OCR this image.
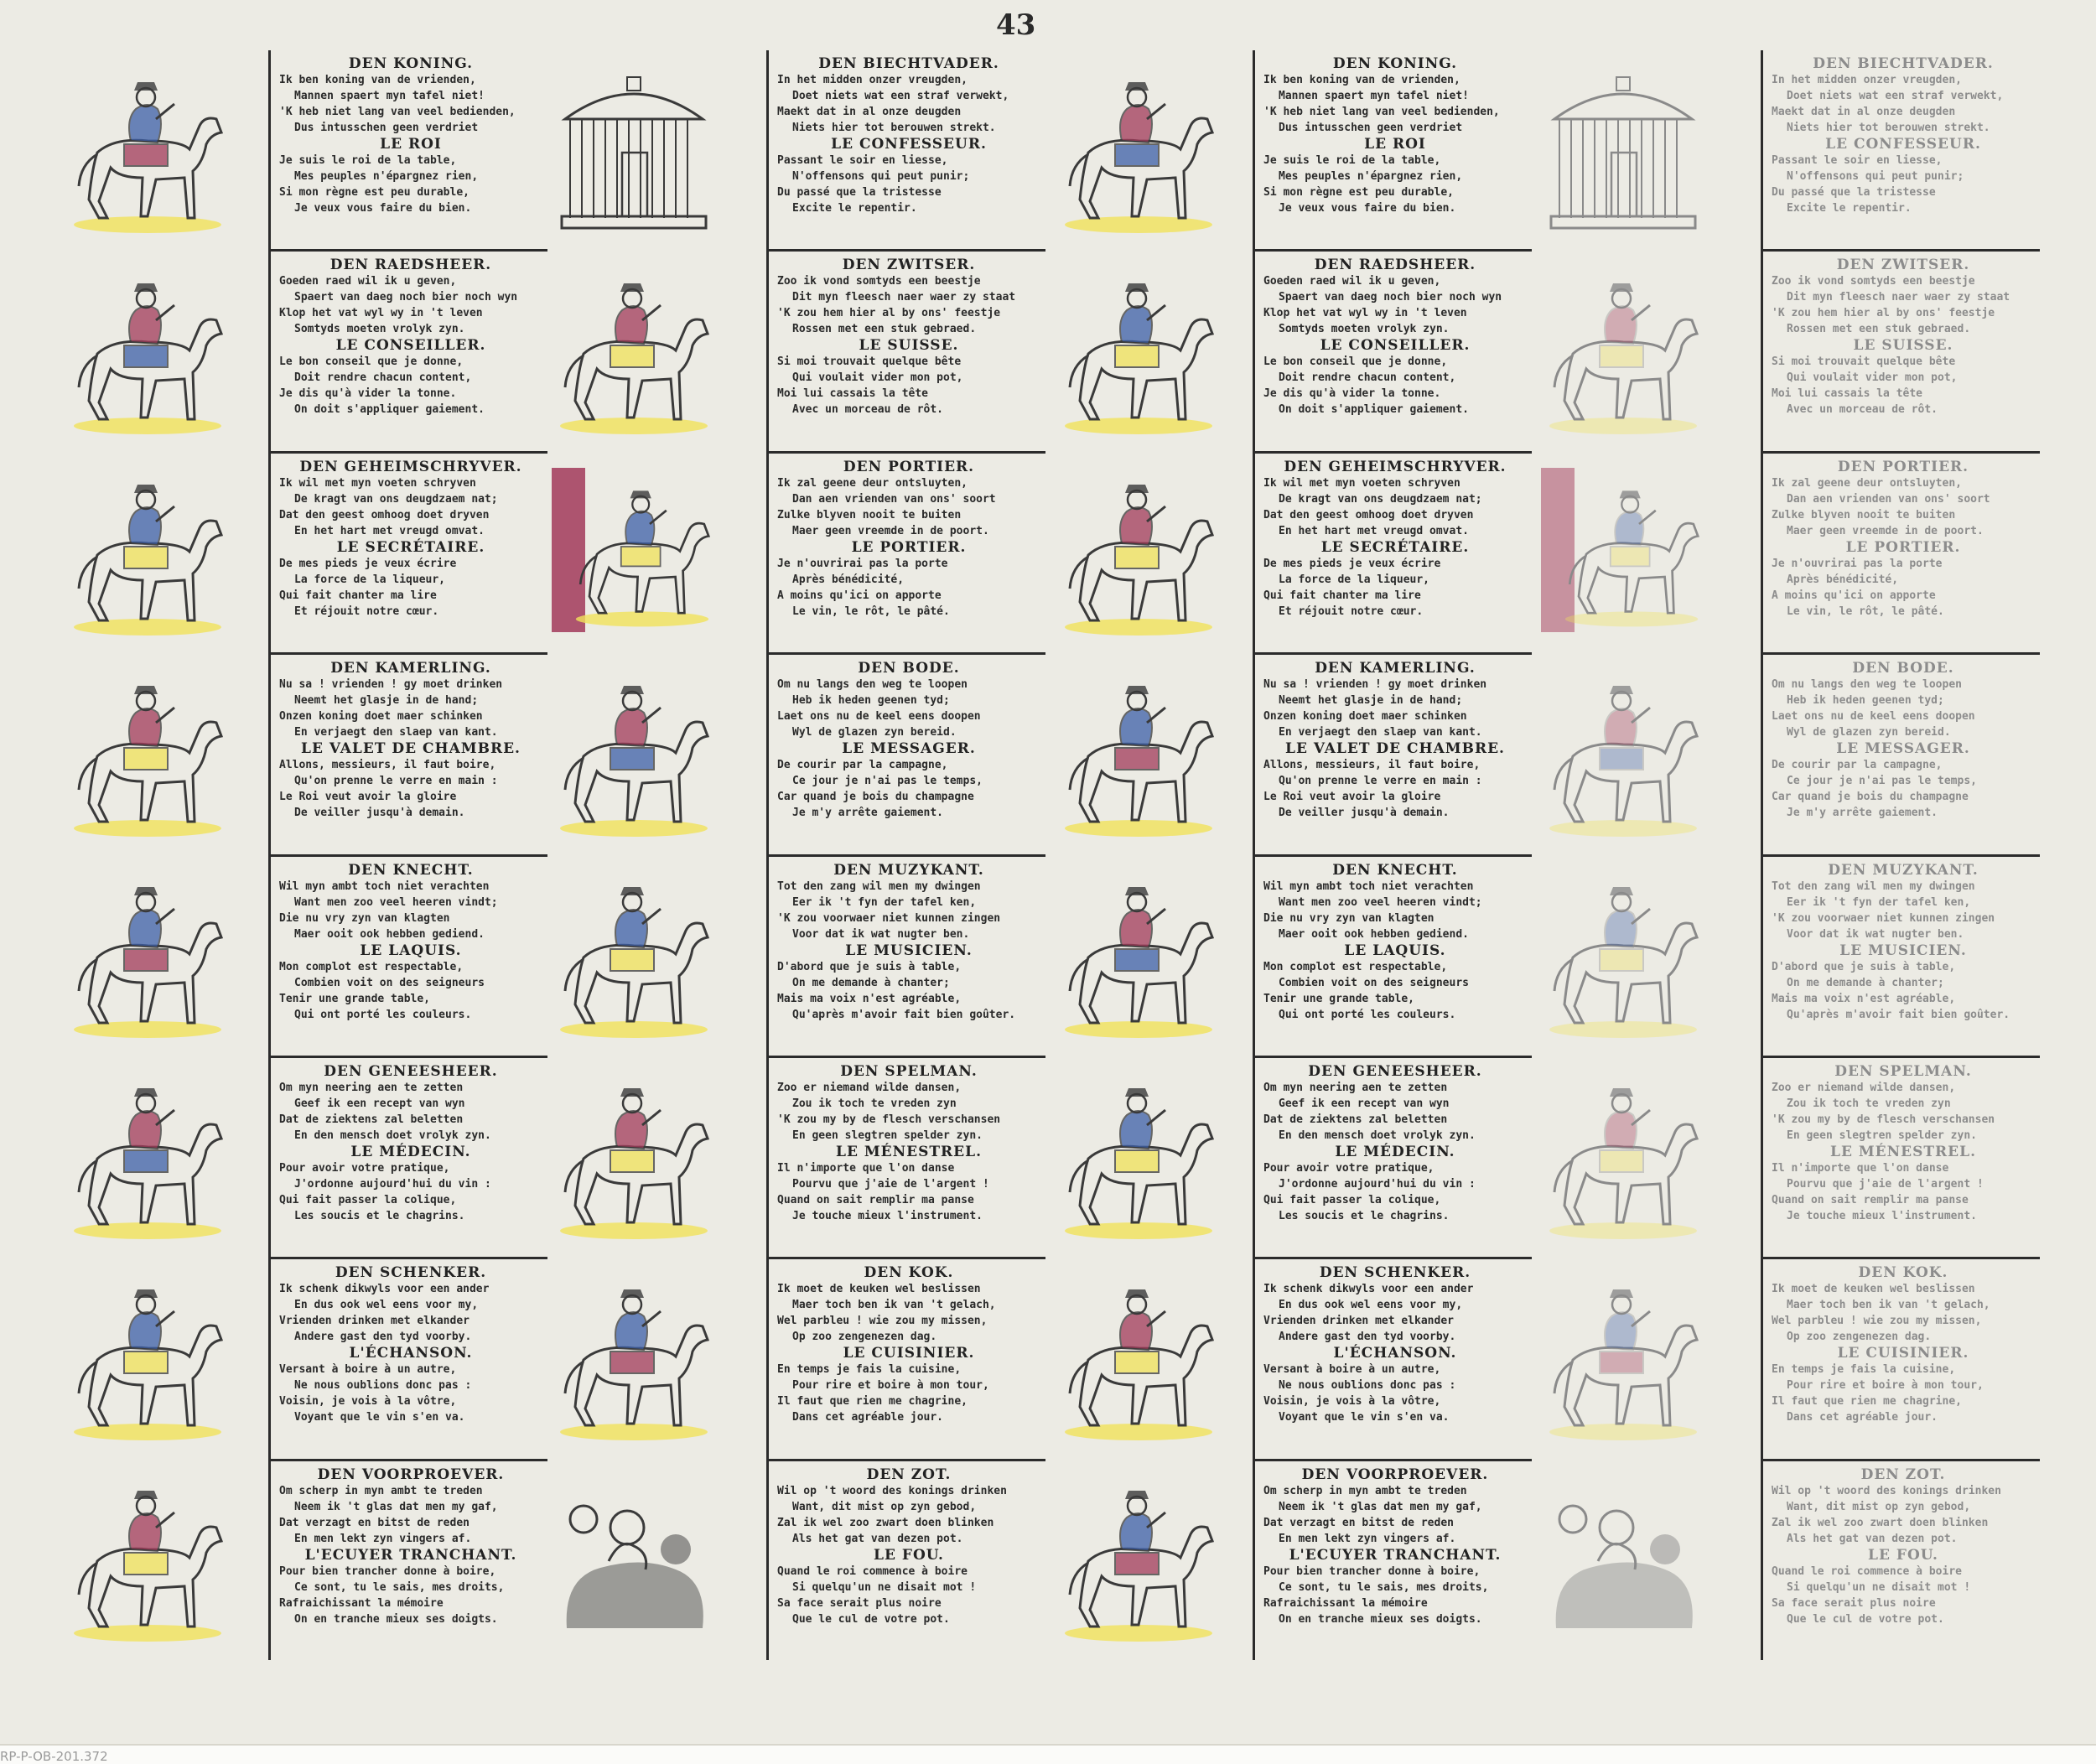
43
RP-P-OB-201.372
DEN KONING.
Ik ben koning van de vrienden,
Mannen spaert myn tafel niet!
'K heb niet lang van veel bedienden,
Dus intusschen geen verdriet
LE ROI
Je suis le roi de la table,
Mes peuples n'épargnez rien,
Si mon règne est peu durable,
Je veux vous faire du bien.
DEN RAEDSHEER.
Goeden raed wil ik u geven,
Spaert van daeg noch bier noch wyn
Klop het vat wyl wy in 't leven
Somtyds moeten vrolyk zyn.
LE CONSEILLER.
Le bon conseil que je donne,
Doit rendre chacun content,
Je dis qu'à vider la tonne.
On doit s'appliquer gaiement.
DEN GEHEIMSCHRYVER.
Ik wil met myn voeten schryven
De kragt van ons deugdzaem nat;
Dat den geest omhoog doet dryven
En het hart met vreugd omvat.
LE SECRÉTAIRE.
De mes pieds je veux écrire
La force de la liqueur,
Qui fait chanter ma lire
Et réjouit notre cœur.
DEN KAMERLING.
Nu sa ! vrienden ! gy moet drinken
Neemt het glasje in de hand;
Onzen koning doet maer schinken
En verjaegt den slaep van kant.
LE VALET DE CHAMBRE.
Allons, messieurs, il faut boire,
Qu'on prenne le verre en main :
Le Roi veut avoir la gloire
De veiller jusqu'à demain.
DEN KNECHT.
Wil myn ambt toch niet verachten
Want men zoo veel heeren vindt;
Die nu vry zyn van klagten
Maer ooit ook hebben gediend.
LE LAQUIS.
Mon complot est respectable,
Combien voit on des seigneurs
Tenir une grande table,
Qui ont porté les couleurs.
DEN GENEESHEER.
Om myn neering aen te zetten
Geef ik een recept van wyn
Dat de ziektens zal beletten
En den mensch doet vrolyk zyn.
LE MÉDECIN.
Pour avoir votre pratique,
J'ordonne aujourd'hui du vin :
Qui fait passer la colique,
Les soucis et le chagrins.
DEN SCHENKER.
Ik schenk dikwyls voor een ander
En dus ook wel eens voor my,
Vrienden drinken met elkander
Andere gast den tyd voorby.
L'ÉCHANSON.
Versant à boire à un autre,
Ne nous oublions donc pas :
Voisin, je vois à la vôtre,
Voyant que le vin s'en va.
DEN VOORPROEVER.
Om scherp in myn ambt te treden
Neem ik 't glas dat men my gaf,
Dat verzagt en bitst de reden
En men lekt zyn vingers af.
L'ECUYER TRANCHANT.
Pour bien trancher donne à boire,
Ce sont, tu le sais, mes droits,
Rafraichissant la mémoire
On en tranche mieux ses doigts.
DEN BIECHTVADER.
In het midden onzer vreugden,
Doet niets wat een straf verwekt,
Maekt dat in al onze deugden
Niets hier tot berouwen strekt.
LE CONFESSEUR.
Passant le soir en liesse,
N'offensons qui peut punir;
Du passé que la tristesse
Excite le repentir.
DEN ZWITSER.
Zoo ik vond somtyds een beestje
Dit myn fleesch naer waer zy staat
'K zou hem hier al by ons' feestje
Rossen met een stuk gebraed.
LE SUISSE.
Si moi trouvait quelque bête
Qui voulait vider mon pot,
Moi lui cassais la tête
Avec un morceau de rôt.
DEN PORTIER.
Ik zal geene deur ontsluyten,
Dan aen vrienden van ons' soort
Zulke blyven nooit te buiten
Maer geen vreemde in de poort.
LE PORTIER.
Je n'ouvrirai pas la porte
Après bénédicité,
A moins qu'ici on apporte
Le vin, le rôt, le pâté.
DEN BODE.
Om nu langs den weg te loopen
Heb ik heden geenen tyd;
Laet ons nu de keel eens doopen
Wyl de glazen zyn bereid.
LE MESSAGER.
De courir par la campagne,
Ce jour je n'ai pas le temps,
Car quand je bois du champagne
Je m'y arrête gaiement.
DEN MUZYKANT.
Tot den zang wil men my dwingen
Eer ik 't fyn der tafel ken,
'K zou voorwaer niet kunnen zingen
Voor dat ik wat nugter ben.
LE MUSICIEN.
D'abord que je suis à table,
On me demande à chanter;
Mais ma voix n'est agréable,
Qu'après m'avoir fait bien goûter.
DEN SPELMAN.
Zoo er niemand wilde dansen,
Zou ik toch te vreden zyn
'K zou my by de flesch verschansen
En geen slegtren spelder zyn.
LE MÉNESTREL.
Il n'importe que l'on danse
Pourvu que j'aie de l'argent !
Quand on sait remplir ma panse
Je touche mieux l'instrument.
DEN KOK.
Ik moet de keuken wel beslissen
Maer toch ben ik van 't gelach,
Wel parbleu ! wie zou my missen,
Op zoo zengenezen dag.
LE CUISINIER.
En temps je fais la cuisine,
Pour rire et boire à mon tour,
Il faut que rien me chagrine,
Dans cet agréable jour.
DEN ZOT.
Wil op 't woord des konings drinken
Want, dit mist op zyn gebod,
Zal ik wel zoo zwart doen blinken
Als het gat van dezen pot.
LE FOU.
Quand le roi commence à boire
Si quelqu'un ne disait mot !
Sa face serait plus noire
Que le cul de votre pot.
DEN KONING.
Ik ben koning van de vrienden,
Mannen spaert myn tafel niet!
'K heb niet lang van veel bedienden,
Dus intusschen geen verdriet
LE ROI
Je suis le roi de la table,
Mes peuples n'épargnez rien,
Si mon règne est peu durable,
Je veux vous faire du bien.
DEN RAEDSHEER.
Goeden raed wil ik u geven,
Spaert van daeg noch bier noch wyn
Klop het vat wyl wy in 't leven
Somtyds moeten vrolyk zyn.
LE CONSEILLER.
Le bon conseil que je donne,
Doit rendre chacun content,
Je dis qu'à vider la tonne.
On doit s'appliquer gaiement.
DEN GEHEIMSCHRYVER.
Ik wil met myn voeten schryven
De kragt van ons deugdzaem nat;
Dat den geest omhoog doet dryven
En het hart met vreugd omvat.
LE SECRÉTAIRE.
De mes pieds je veux écrire
La force de la liqueur,
Qui fait chanter ma lire
Et réjouit notre cœur.
DEN KAMERLING.
Nu sa ! vrienden ! gy moet drinken
Neemt het glasje in de hand;
Onzen koning doet maer schinken
En verjaegt den slaep van kant.
LE VALET DE CHAMBRE.
Allons, messieurs, il faut boire,
Qu'on prenne le verre en main :
Le Roi veut avoir la gloire
De veiller jusqu'à demain.
DEN KNECHT.
Wil myn ambt toch niet verachten
Want men zoo veel heeren vindt;
Die nu vry zyn van klagten
Maer ooit ook hebben gediend.
LE LAQUIS.
Mon complot est respectable,
Combien voit on des seigneurs
Tenir une grande table,
Qui ont porté les couleurs.
DEN GENEESHEER.
Om myn neering aen te zetten
Geef ik een recept van wyn
Dat de ziektens zal beletten
En den mensch doet vrolyk zyn.
LE MÉDECIN.
Pour avoir votre pratique,
J'ordonne aujourd'hui du vin :
Qui fait passer la colique,
Les soucis et le chagrins.
DEN SCHENKER.
Ik schenk dikwyls voor een ander
En dus ook wel eens voor my,
Vrienden drinken met elkander
Andere gast den tyd voorby.
L'ÉCHANSON.
Versant à boire à un autre,
Ne nous oublions donc pas :
Voisin, je vois à la vôtre,
Voyant que le vin s'en va.
DEN VOORPROEVER.
Om scherp in myn ambt te treden
Neem ik 't glas dat men my gaf,
Dat verzagt en bitst de reden
En men lekt zyn vingers af.
L'ECUYER TRANCHANT.
Pour bien trancher donne à boire,
Ce sont, tu le sais, mes droits,
Rafraichissant la mémoire
On en tranche mieux ses doigts.
DEN BIECHTVADER.
In het midden onzer vreugden,
Doet niets wat een straf verwekt,
Maekt dat in al onze deugden
Niets hier tot berouwen strekt.
LE CONFESSEUR.
Passant le soir en liesse,
N'offensons qui peut punir;
Du passé que la tristesse
Excite le repentir.
DEN ZWITSER.
Zoo ik vond somtyds een beestje
Dit myn fleesch naer waer zy staat
'K zou hem hier al by ons' feestje
Rossen met een stuk gebraed.
LE SUISSE.
Si moi trouvait quelque bête
Qui voulait vider mon pot,
Moi lui cassais la tête
Avec un morceau de rôt.
DEN PORTIER.
Ik zal geene deur ontsluyten,
Dan aen vrienden van ons' soort
Zulke blyven nooit te buiten
Maer geen vreemde in de poort.
LE PORTIER.
Je n'ouvrirai pas la porte
Après bénédicité,
A moins qu'ici on apporte
Le vin, le rôt, le pâté.
DEN BODE.
Om nu langs den weg te loopen
Heb ik heden geenen tyd;
Laet ons nu de keel eens doopen
Wyl de glazen zyn bereid.
LE MESSAGER.
De courir par la campagne,
Ce jour je n'ai pas le temps,
Car quand je bois du champagne
Je m'y arrête gaiement.
DEN MUZYKANT.
Tot den zang wil men my dwingen
Eer ik 't fyn der tafel ken,
'K zou voorwaer niet kunnen zingen
Voor dat ik wat nugter ben.
LE MUSICIEN.
D'abord que je suis à table,
On me demande à chanter;
Mais ma voix n'est agréable,
Qu'après m'avoir fait bien goûter.
DEN SPELMAN.
Zoo er niemand wilde dansen,
Zou ik toch te vreden zyn
'K zou my by de flesch verschansen
En geen slegtren spelder zyn.
LE MÉNESTREL.
Il n'importe que l'on danse
Pourvu que j'aie de l'argent !
Quand on sait remplir ma panse
Je touche mieux l'instrument.
DEN KOK.
Ik moet de keuken wel beslissen
Maer toch ben ik van 't gelach,
Wel parbleu ! wie zou my missen,
Op zoo zengenezen dag.
LE CUISINIER.
En temps je fais la cuisine,
Pour rire et boire à mon tour,
Il faut que rien me chagrine,
Dans cet agréable jour.
DEN ZOT.
Wil op 't woord des konings drinken
Want, dit mist op zyn gebod,
Zal ik wel zoo zwart doen blinken
Als het gat van dezen pot.
LE FOU.
Quand le roi commence à boire
Si quelqu'un ne disait mot !
Sa face serait plus noire
Que le cul de votre pot.
